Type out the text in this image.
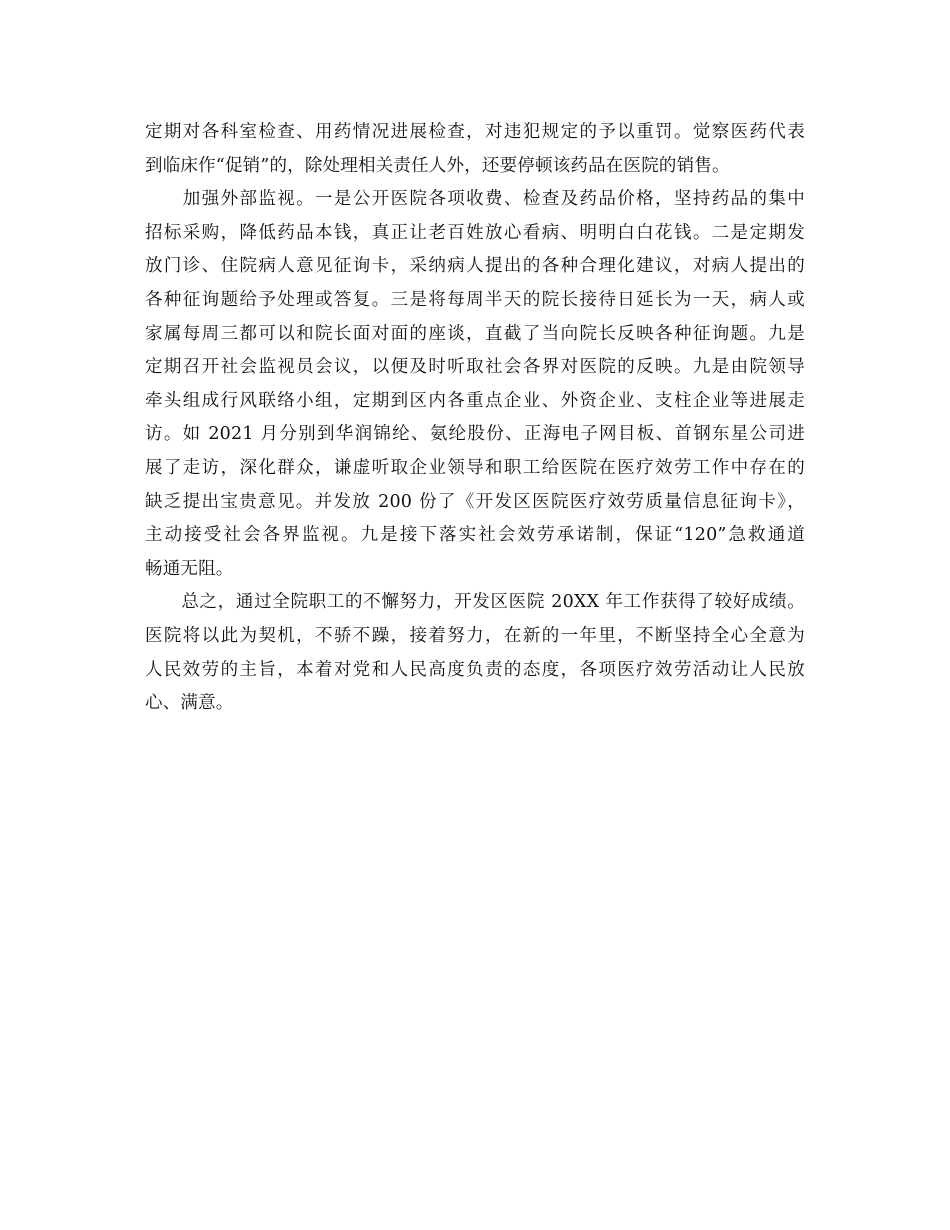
定期对各科室检查、用药情况进展检查，对违犯规定的予以重罚。觉察医药代表
到临床作“促销”的，除处理相关责任人外，还要停顿该药品在医院的销售。
　　加强外部监视。一是公开医院各项收费、检查及药品价格，坚持药品的集中
招标采购，降低药品本钱，真正让老百姓放心看病、明明白白花钱。二是定期发
放门诊、住院病人意见征询卡，采纳病人提出的各种合理化建议，对病人提出的
各种征询题给予处理或答复。三是将每周半天的院长接待日延长为一天，病人或
家属每周三都可以和院长面对面的座谈，直截了当向院长反映各种征询题。九是
定期召开社会监视员会议，以便及时听取社会各界对医院的反映。九是由院领导
牵头组成行风联络小组，定期到区内各重点企业、外资企业、支柱企业等进展走
访。如 2021 月分别到华润锦纶、氨纶股份、正海电子网目板、首钢东星公司进
展了走访，深化群众，谦虚听取企业领导和职工给医院在医疗效劳工作中存在的
缺乏提出宝贵意见。并发放 200 份了《开发区医院医疗效劳质量信息征询卡》，
主动接受社会各界监视。九是接下落实社会效劳承诺制，保证“120”急救通道
畅通无阻。
　　总之，通过全院职工的不懈努力，开发区医院 20XX 年工作获得了较好成绩。
医院将以此为契机，不骄不躁，接着努力，在新的一年里，不断坚持全心全意为
人民效劳的主旨，本着对党和人民高度负责的态度，各项医疗效劳活动让人民放
心、满意。
